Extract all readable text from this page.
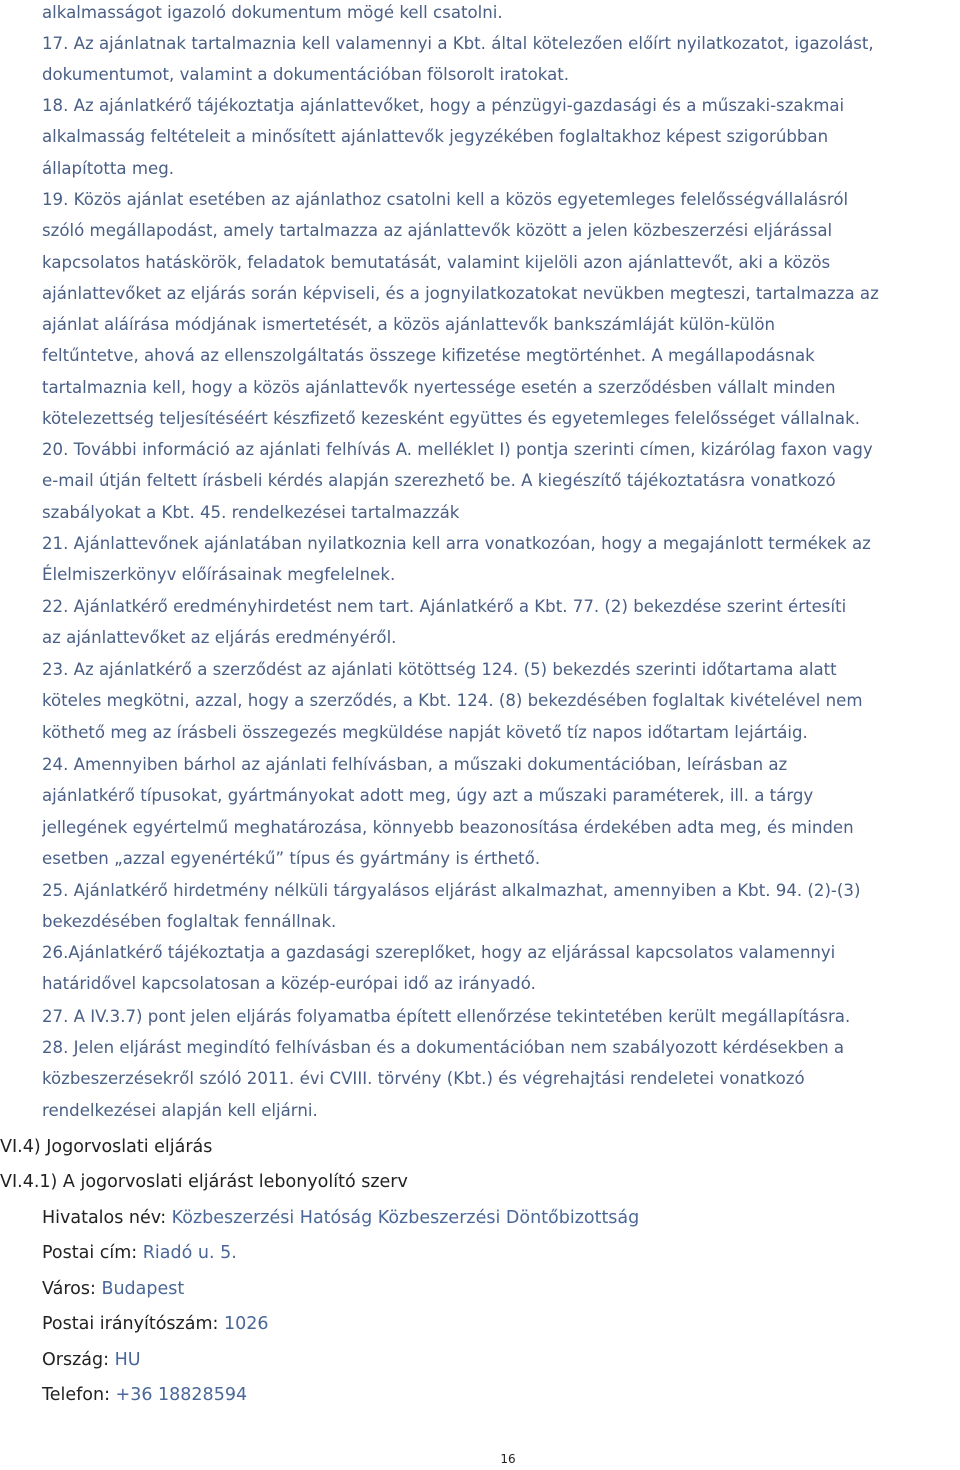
alkalmasságot igazoló dokumentum mögé kell csatolni.
17. Az ajánlatnak tartalmaznia kell valamennyi a Kbt. által kötelezően előírt nyilatkozatot, igazolást,
dokumentumot, valamint a dokumentációban fölsorolt iratokat.
18. Az ajánlatkérő tájékoztatja ajánlattevőket, hogy a pénzügyi-gazdasági és a műszaki-szakmai
alkalmasság feltételeit a minősített ajánlattevők jegyzékében foglaltakhoz képest szigorúbban
állapította meg.
19. Közös ajánlat esetében az ajánlathoz csatolni kell a közös egyetemleges felelősségvállalásról
szóló megállapodást, amely tartalmazza az ajánlattevők között a jelen közbeszerzési eljárással
kapcsolatos hatáskörök, feladatok bemutatását, valamint kijelöli azon ajánlattevőt, aki a közös
ajánlattevőket az eljárás során képviseli, és a jognyilatkozatokat nevükben megteszi, tartalmazza az
ajánlat aláírása módjának ismertetését, a közös ajánlattevők bankszámláját külön-külön
feltűntetve, ahová az ellenszolgáltatás összege kifizetése megtörténhet. A megállapodásnak
tartalmaznia kell, hogy a közös ajánlattevők nyertessége esetén a szerződésben vállalt minden
kötelezettség teljesítéséért készfizető kezesként együttes és egyetemleges felelősséget vállalnak.
20. További információ az ajánlati felhívás A. melléklet I) pontja szerinti címen, kizárólag faxon vagy
e-mail útján feltett írásbeli kérdés alapján szerezhető be. A kiegészítő tájékoztatásra vonatkozó
szabályokat a Kbt. 45. rendelkezései tartalmazzák
21. Ajánlattevőnek ajánlatában nyilatkoznia kell arra vonatkozóan, hogy a megajánlott termékek az
Élelmiszerkönyv előírásainak megfelelnek.
22. Ajánlatkérő eredményhirdetést nem tart. Ajánlatkérő a Kbt. 77. (2) bekezdése szerint értesíti
az ajánlattevőket az eljárás eredményéről.
23. Az ajánlatkérő a szerződést az ajánlati kötöttség 124. (5) bekezdés szerinti időtartama alatt
köteles megkötni, azzal, hogy a szerződés, a Kbt. 124. (8) bekezdésében foglaltak kivételével nem
köthető meg az írásbeli összegezés megküldése napját követő tíz napos időtartam lejártáig.
24. Amennyiben bárhol az ajánlati felhívásban, a műszaki dokumentációban, leírásban az
ajánlatkérő típusokat, gyártmányokat adott meg, úgy azt a műszaki paraméterek, ill. a tárgy
jellegének egyértelmű meghatározása, könnyebb beazonosítása érdekében adta meg, és minden
esetben „azzal egyenértékű” típus és gyártmány is érthető.
25. Ajánlatkérő hirdetmény nélküli tárgyalásos eljárást alkalmazhat, amennyiben a Kbt. 94. (2)-(3)
bekezdésében foglaltak fennállnak.
26.Ajánlatkérő tájékoztatja a gazdasági szereplőket, hogy az eljárással kapcsolatos valamennyi
határidővel kapcsolatosan a közép-európai idő az irányadó.
27. A IV.3.7) pont jelen eljárás folyamatba épített ellenőrzése tekintetében került megállapításra.
28. Jelen eljárást megindító felhívásban és a dokumentációban nem szabályozott kérdésekben a
közbeszerzésekről szóló 2011. évi CVIII. törvény (Kbt.) és végrehajtási rendeletei vonatkozó
rendelkezései alapján kell eljárni.
VI.4) Jogorvoslati eljárás
VI.4.1) A jogorvoslati eljárást lebonyolító szerv
Hivatalos név: Közbeszerzési Hatóság Közbeszerzési Döntőbizottság
Postai cím: Riadó u. 5.
Város: Budapest
Postai irányítószám: 1026
Ország: HU
Telefon: +36 18828594
16
